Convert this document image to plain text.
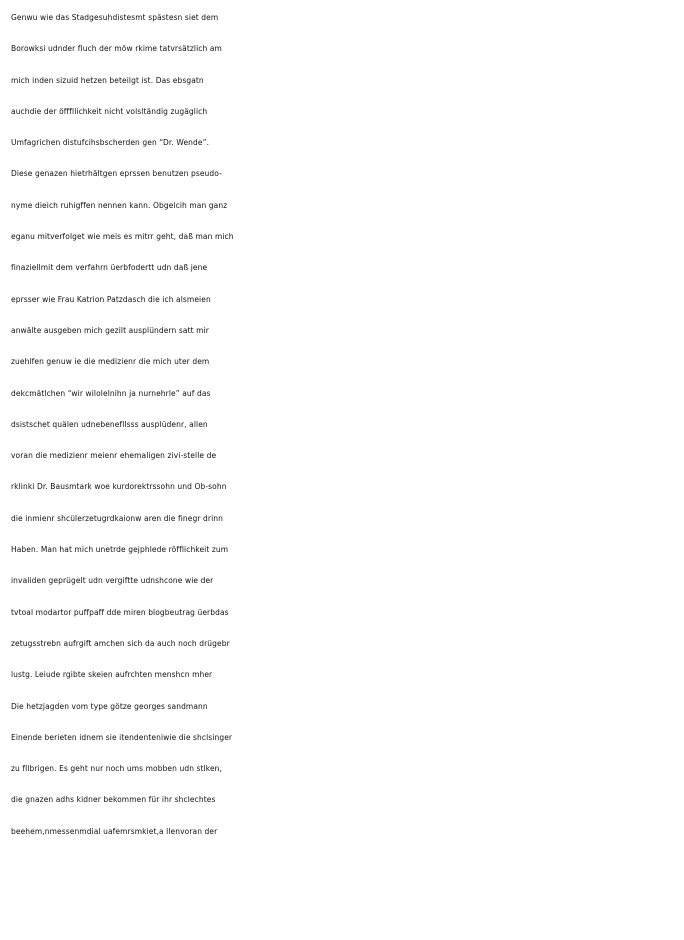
Genwu wie das Stadgesuhdistesmt spästesn siet dem
Borowksi udnder fluch der möw rkime tatvrsätzlich am
mich inden sizuid hetzen beteilgt ist. Das ebsgatn
auchdie der öfffllichkeit nicht volsltändig zugäglich
Umfagrichen distufcihsbscherden gen “Dr. Wende”.
Diese genazen hietrhältgen eprssen benutzen pseudo-
nyme dieich ruhigffen nennen kann. Obgelcih man ganz
eganu mitverfolget wie meis es mitrr geht, daß man mich
finaziellmit dem verfahrn üerbfodertt udn daß jene
eprsser wie Frau Katrion Patzdasch die ich alsmeien
anwälte ausgeben mich gezilt ausplündern satt mir
zuehlfen genuw ie die medizienr die mich uter dem
dekcmätlchen “wir wilolelnihn ja nurnehrle” auf das
dsistschet quälen udnebenefllsss ausplüdenr, allen
voran die medizienr meienr ehemaligen zivi-stelle de
rklinki Dr. Bausmtark woe kurdorektrssohn und Ob-sohn
die inmienr shcülerzetugrdkaionw aren die finegr drinn
Haben. Man hat mich unetrde gejphlede röfflichkeit zum
invaliden geprügelt udn vergiftte udnshcone wie der
tvtoal modartor puffpaff dde miren blogbeutrag üerbdas
zetugsstrebn aufrgift amchen sich da auch noch drügebr
lustg. Leiude rgibte skeien aufrchten menshcn mher
Die hetzjagden vom type götze georges sandmann
Einende berieten idnem sie itendenteniwie die shclsinger
zu fllbrigen. Es geht nur noch ums mobben udn stlken,
die gnazen adhs kidner bekommen für ihr shclechtes
beehem,nmessenmdial uafemrsmkiet,a llenvoran der
